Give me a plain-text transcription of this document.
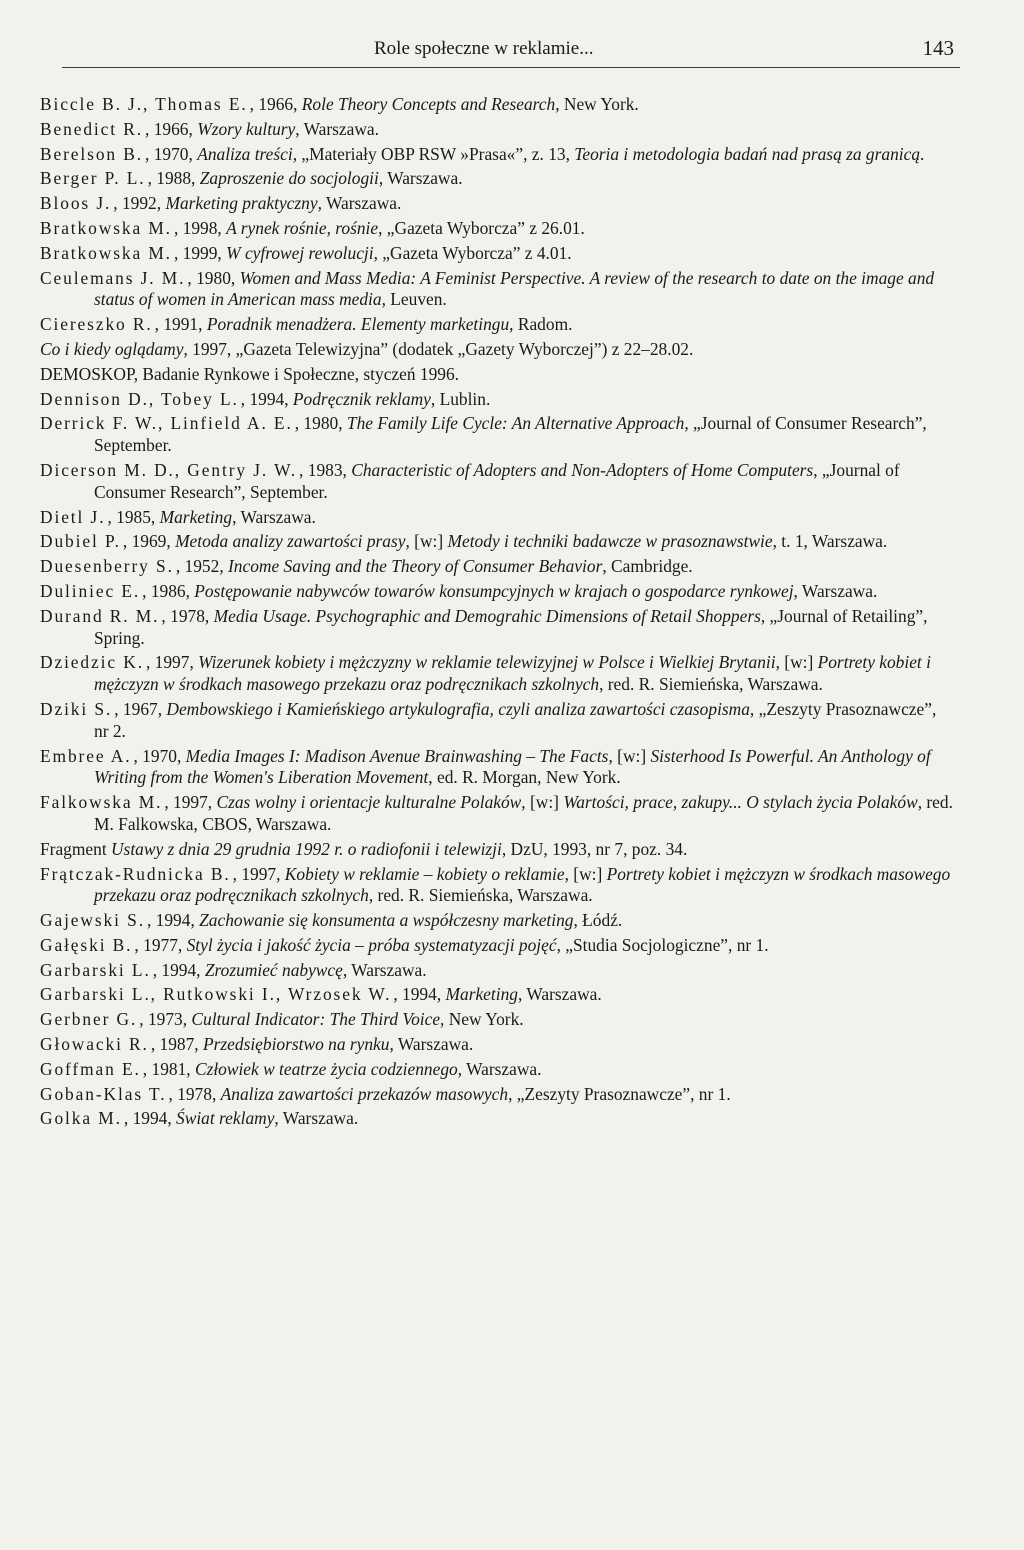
Role społeczne w reklamie...	143

Biccle B. J., Thomas E. , 1966, Role Theory Concepts and Research, New York.

Benedict R. , 1966, Wzory kultury, Warszawa.

Berelson B. , 1970, Analiza treści, „Materiały OBP RSW »Prasa«”, z. 13, Teoria i metodologia badań nad prasą za granicą.

Berger P. L. , 1988, Zaproszenie do socjologii, Warszawa.

Bloos J. , 1992, Marketing praktyczny, Warszawa.

Bratkowska M. , 1998, A rynek rośnie, rośnie, „Gazeta Wyborcza” z 26.01.

Bratkowska M. , 1999, W cyfrowej rewolucji, „Gazeta Wyborcza” z 4.01.

Ceulemans J. M. , 1980, Women and Mass Media: A Feminist Perspective. A review of the research to date on the image and status of women in American mass media, Leuven.

Ciereszko R. , 1991, Poradnik menadżera. Elementy marketingu, Radom.

Co i kiedy oglądamy, 1997, „Gazeta Telewizyjna” (dodatek „Gazety Wyborczej”) z 22–28.02.

DEMOSKOP, Badanie Rynkowe i Społeczne, styczeń 1996.

Dennison D., Tobey L. , 1994, Podręcznik reklamy, Lublin.

Derrick F. W., Linfield A. E. , 1980, The Family Life Cycle: An Alternative Approach, „Journal of Consumer Research”, September.

Dicerson M. D., Gentry J. W. , 1983, Characteristic of Adopters and Non-Adopters of Home Computers, „Journal of Consumer Research”, September.

Dietl J. , 1985, Marketing, Warszawa.

Dubiel P. , 1969, Metoda analizy zawartości prasy, [w:] Metody i techniki badawcze w prasoznawstwie, t. 1, Warszawa.

Duesenberry S. , 1952, Income Saving and the Theory of Consumer Behavior, Cambridge.

Duliniec E. , 1986, Postępowanie nabywców towarów konsumpcyjnych w krajach o gospodarce rynkowej, Warszawa.

Durand R. M. , 1978, Media Usage. Psychographic and Demograhic Dimensions of Retail Shoppers, „Journal of Retailing”, Spring.

Dziedzic K. , 1997, Wizerunek kobiety i mężczyzny w reklamie telewizyjnej w Polsce i Wielkiej Brytanii, [w:] Portrety kobiet i mężczyzn w środkach masowego przekazu oraz podręcznikach szkolnych, red. R. Siemieńska, Warszawa.

Dziki S. , 1967, Dembowskiego i Kamieńskiego artykulografia, czyli analiza zawartości czasopisma, „Zeszyty Prasoznawcze”, nr 2.

Embree A. , 1970, Media Images I: Madison Avenue Brainwashing – The Facts, [w:] Sisterhood Is Powerful. An Anthology of Writing from the Women's Liberation Movement, ed. R. Morgan, New York.

Falkowska M. , 1997, Czas wolny i orientacje kulturalne Polaków, [w:] Wartości, prace, zakupy... O stylach życia Polaków, red. M. Falkowska, CBOS, Warszawa.

Fragment Ustawy z dnia 29 grudnia 1992 r. o radiofonii i telewizji, DzU, 1993, nr 7, poz. 34.

Frątczak-Rudnicka B. , 1997, Kobiety w reklamie – kobiety o reklamie, [w:] Portrety kobiet i mężczyzn w środkach masowego przekazu oraz podręcznikach szkolnych, red. R. Siemieńska, Warszawa.

Gajewski S. , 1994, Zachowanie się konsumenta a współczesny marketing, Łódź.

Gałęski B. , 1977, Styl życia i jakość życia – próba systematyzacji pojęć, „Studia Socjologiczne”, nr 1.

Garbarski L. , 1994, Zrozumieć nabywcę, Warszawa.

Garbarski L., Rutkowski I., Wrzosek W. , 1994, Marketing, Warszawa.

Gerbner G. , 1973, Cultural Indicator: The Third Voice, New York.

Głowacki R. , 1987, Przedsiębiorstwo na rynku, Warszawa.

Goffman E. , 1981, Człowiek w teatrze życia codziennego, Warszawa.

Goban-Klas T. , 1978, Analiza zawartości przekazów masowych, „Zeszyty Prasoznawcze”, nr 1.

Golka M. , 1994, Świat reklamy, Warszawa.
